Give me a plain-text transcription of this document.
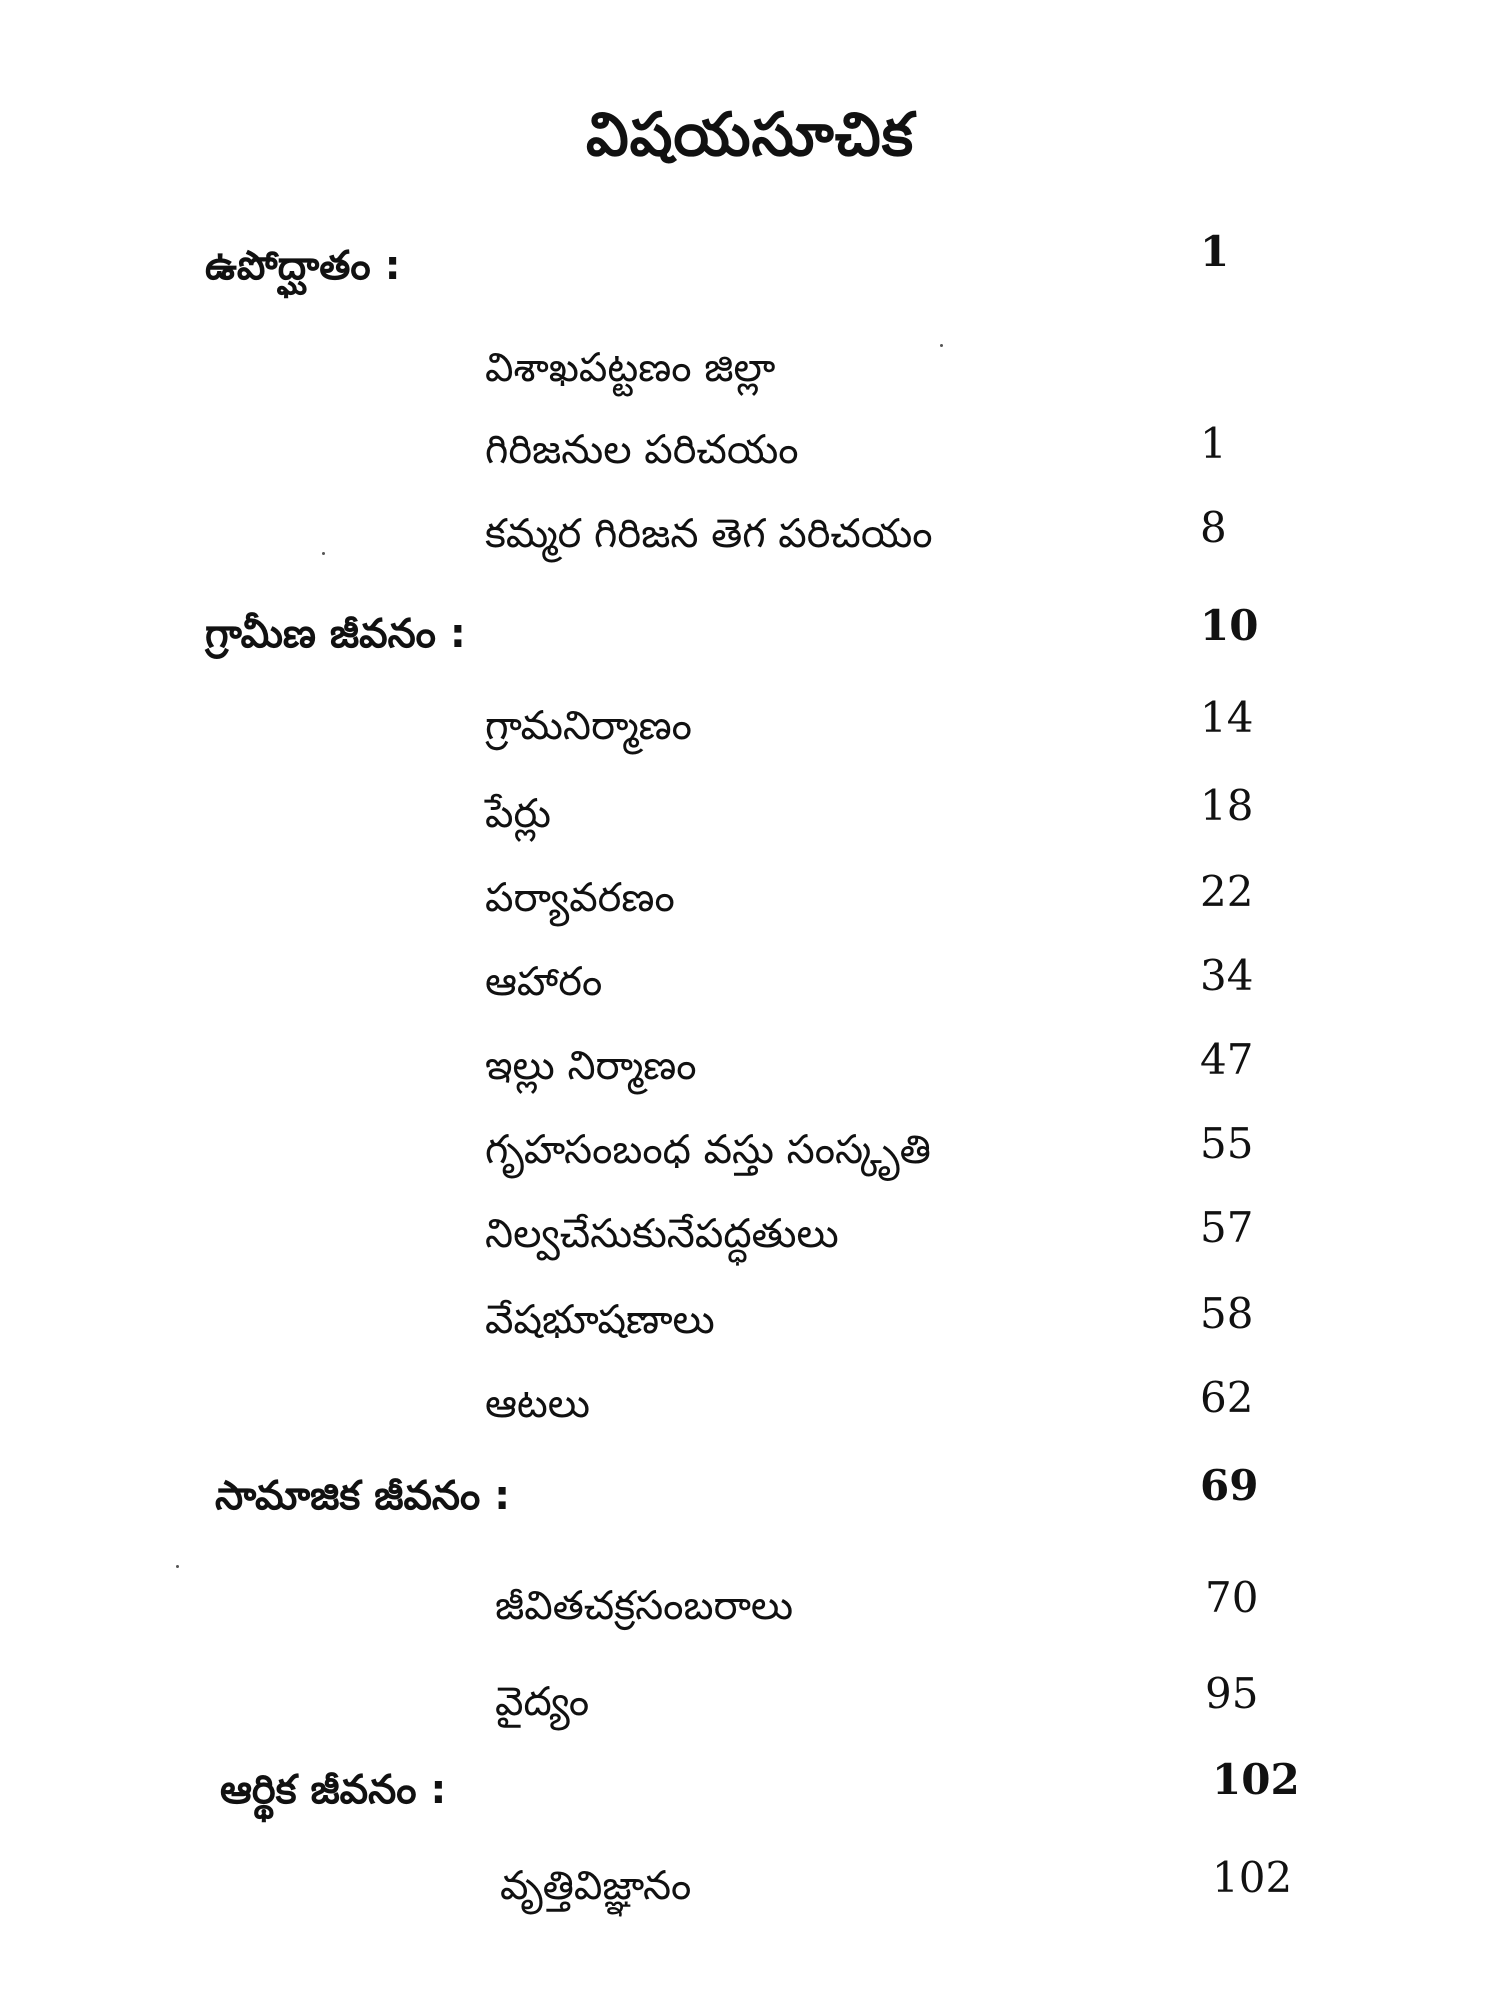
విషయసూచిక
ఉపోద్ఘాతం :	1
విశాఖపట్టణం జిల్లా
గిరిజనుల పరిచయం	1
కమ్మర గిరిజన తెగ పరిచయం	8
గ్రామీణ జీవనం :	10
గ్రామనిర్మాణం	14
పేర్లు	18
పర్యావరణం	22
ఆహారం	34
ఇల్లు నిర్మాణం	47
గృహసంబంధ వస్తు సంస్కృతి	55
నిల్వచేసుకునేపద్ధతులు	57
వేషభూషణాలు	58
ఆటలు	62
సామాజిక జీవనం :	69
జీవితచక్రసంబరాలు	70
వైద్యం	95
ఆర్థిక జీవనం :	102
వృత్తివిజ్ఞానం	102
